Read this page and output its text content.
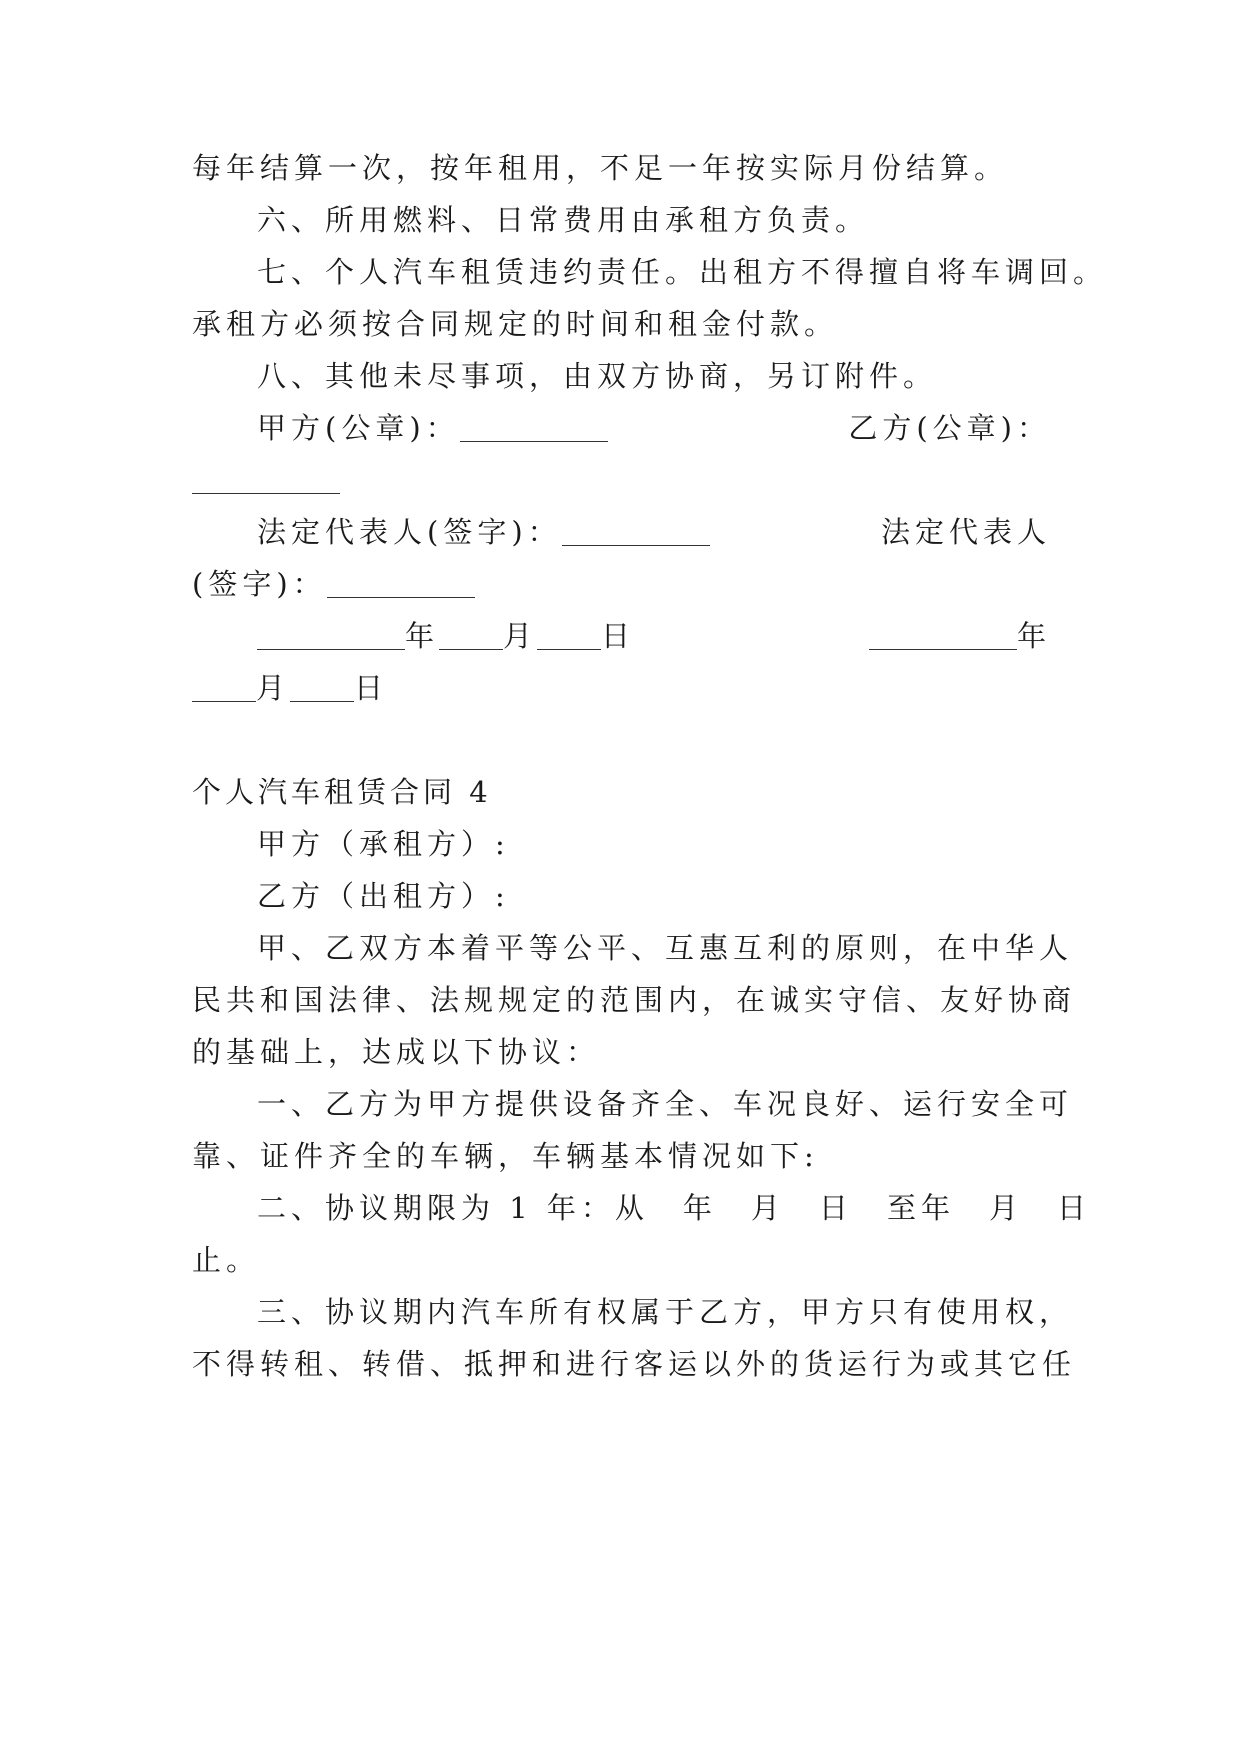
每年结算一次，按年租用，不足一年按实际月份结算。
六、所用燃料、日常费用由承租方负责。
七、个人汽车租赁违约责任。出租方不得擅自将车调回。
承租方必须按合同规定的时间和租金付款。
八、其他未尽事项，由双方协商，另订附件。
甲方(公章)：	乙方(公章)：
法定代表人(签字)：	法定代表人
(签字)：
年 月 日	年
月 日
个人汽车租赁合同 4
甲方（承租方）:
乙方（出租方）:
甲、乙双方本着平等公平、互惠互利的原则，在中华人
民共和国法律、法规规定的范围内，在诚实守信、友好协商
的基础上，达成以下协议：
一、乙方为甲方提供设备齐全、车况良好、运行安全可
靠、证件齐全的车辆，车辆基本情况如下:
二、协议期限为 1 年：从 年 月 日 至年 月 日
止。
三、协议期内汽车所有权属于乙方，甲方只有使用权，
不得转租、转借、抵押和进行客运以外的货运行为或其它任
